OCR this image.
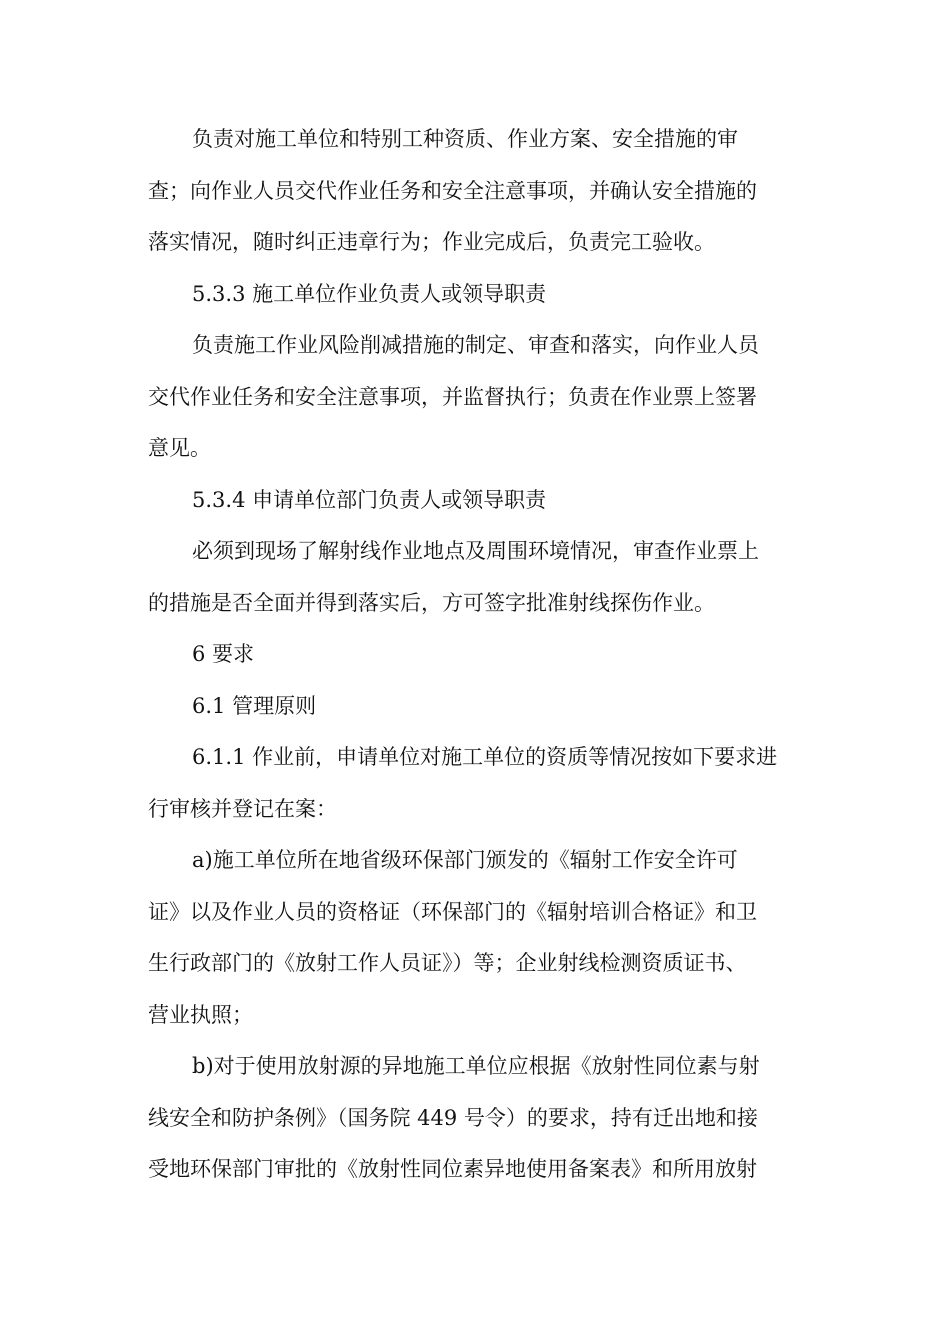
负责对施工单位和特别工种资质、作业方案、安全措施的审
查；向作业人员交代作业任务和安全注意事项，并确认安全措施的
落实情况，随时纠正违章行为；作业完成后，负责完工验收。
5.3.3 施工单位作业负责人或领导职责
负责施工作业风险削减措施的制定、审查和落实，向作业人员
交代作业任务和安全注意事项，并监督执行；负责在作业票上签署
意见。
5.3.4 申请单位部门负责人或领导职责
必须到现场了解射线作业地点及周围环境情况，审查作业票上
的措施是否全面并得到落实后，方可签字批准射线探伤作业。
6 要求
6.1 管理原则
6.1.1 作业前，申请单位对施工单位的资质等情况按如下要求进
行审核并登记在案：
a)施工单位所在地省级环保部门颁发的《辐射工作安全许可
证》以及作业人员的资格证（环保部门的《辐射培训合格证》和卫
生行政部门的《放射工作人员证》）等；企业射线检测资质证书、
营业执照；
b)对于使用放射源的异地施工单位应根据《放射性同位素与射
线安全和防护条例》（国务院 449 号令）的要求，持有迁出地和接
受地环保部门审批的《放射性同位素异地使用备案表》和所用放射
